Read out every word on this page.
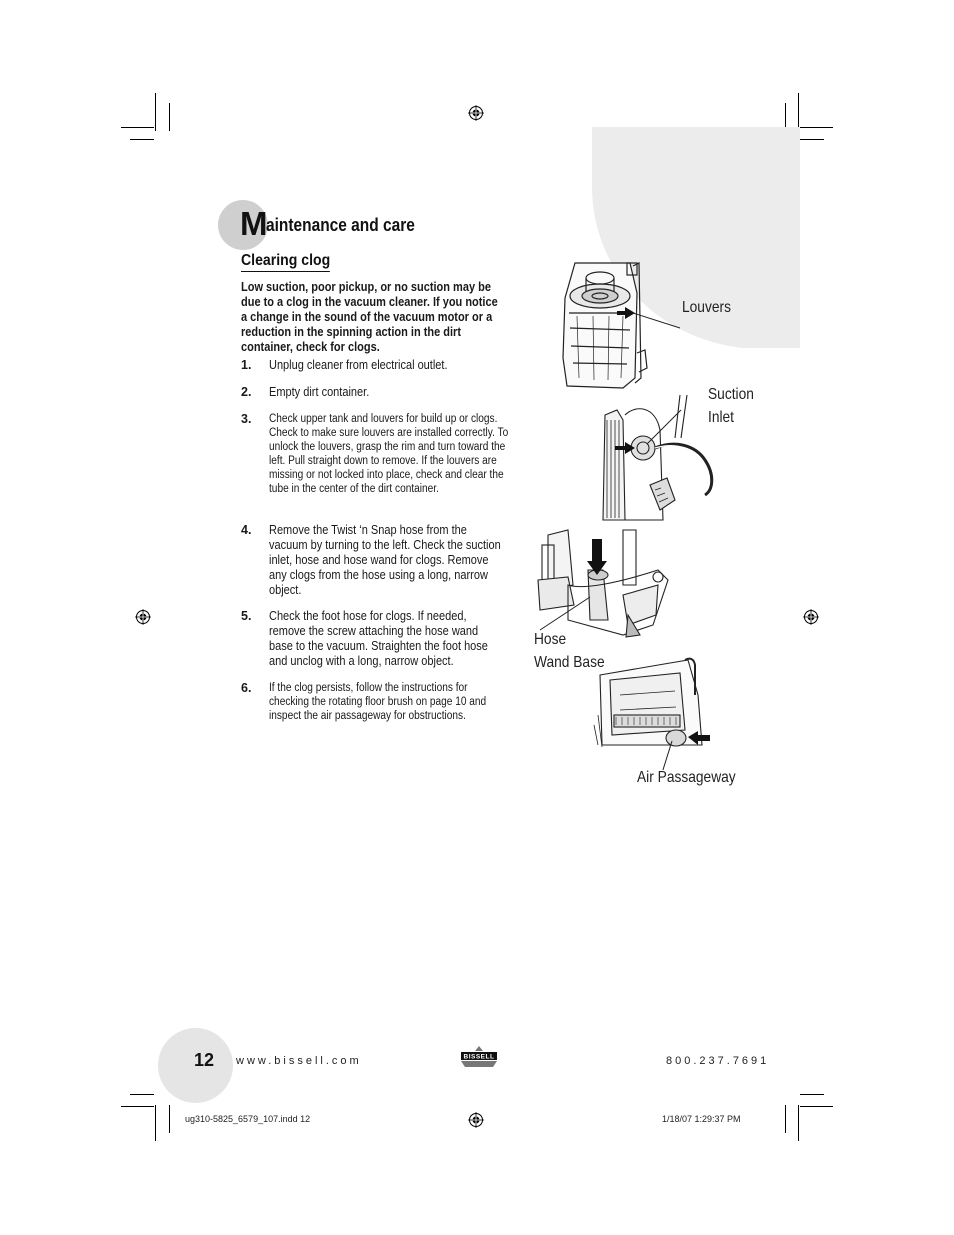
M
aintenance and care
Clearing clog
Low suction, poor pickup, or no suction may be due to a clog in the vacuum cleaner. If you notice a change in the sound of the vacuum motor or a reduction in the spinning action in the dirt container, check for clogs.
1. Unplug cleaner from electrical outlet.
2. Empty dirt container.
3. Check upper tank and louvers for build up or clogs. Check to make sure louvers are installed correctly. To unlock the louvers, grasp the rim and turn toward the left. Pull straight down to remove. If the louvers are missing or not locked into place, check and clear the tube in the center of the dirt container.
4. Remove the Twist ‘n Snap hose from the vacuum by turning to the left. Check the suction inlet, hose and hose wand for clogs. Remove any clogs from the hose using a long, narrow object.
5. Check the foot hose for clogs. If needed, remove the screw attaching the hose wand base to the vacuum. Straighten the foot hose and unclog with a long, narrow object.
6. If the clog persists, follow the instructions for checking the rotating floor brush on page 10 and inspect the air passageway for obstructions.
Louvers
Suction
Inlet
Hose
Wand Base
Air Passageway
12 www.bissell.com	800.237.7691
BISSELL
ug310-5825_6579_107.indd 12	1/18/07 1:29:37 PM
